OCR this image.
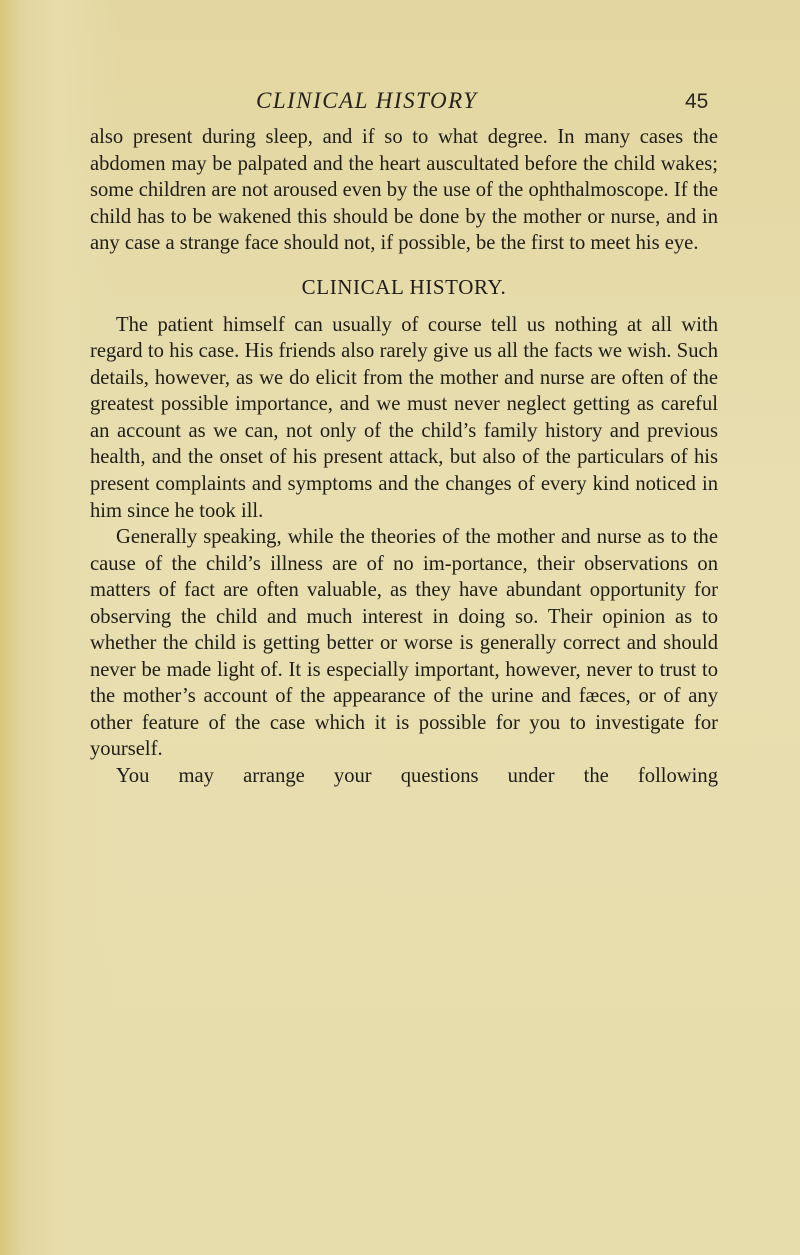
CLINICAL HISTORY	45

also present during sleep, and if so to what degree. In many cases the abdomen may be palpated and the heart auscultated before the child wakes; some children are not aroused even by the use of the ophthalmoscope. If the child has to be wakened this should be done by the mother or nurse, and in any case a strange face should not, if possible, be the first to meet his eye.

CLINICAL HISTORY.

The patient himself can usually of course tell us nothing at all with regard to his case. His friends also rarely give us all the facts we wish. Such details, however, as we do elicit from the mother and nurse are often of the greatest possible importance, and we must never neglect getting as careful an account as we can, not only of the child’s family history and previous health, and the onset of his present attack, but also of the particulars of his present complaints and symptoms and the changes of every kind noticed in him since he took ill.

Generally speaking, while the theories of the mother and nurse as to the cause of the child’s illness are of no im-portance, their observations on matters of fact are often valuable, as they have abundant opportunity for observing the child and much interest in doing so. Their opinion as to whether the child is getting better or worse is generally correct and should never be made light of. It is especially important, however, never to trust to the mother’s account of the appearance of the urine and fæces, or of any other feature of the case which it is possible for you to investigate for yourself.

You may arrange your questions under the following
